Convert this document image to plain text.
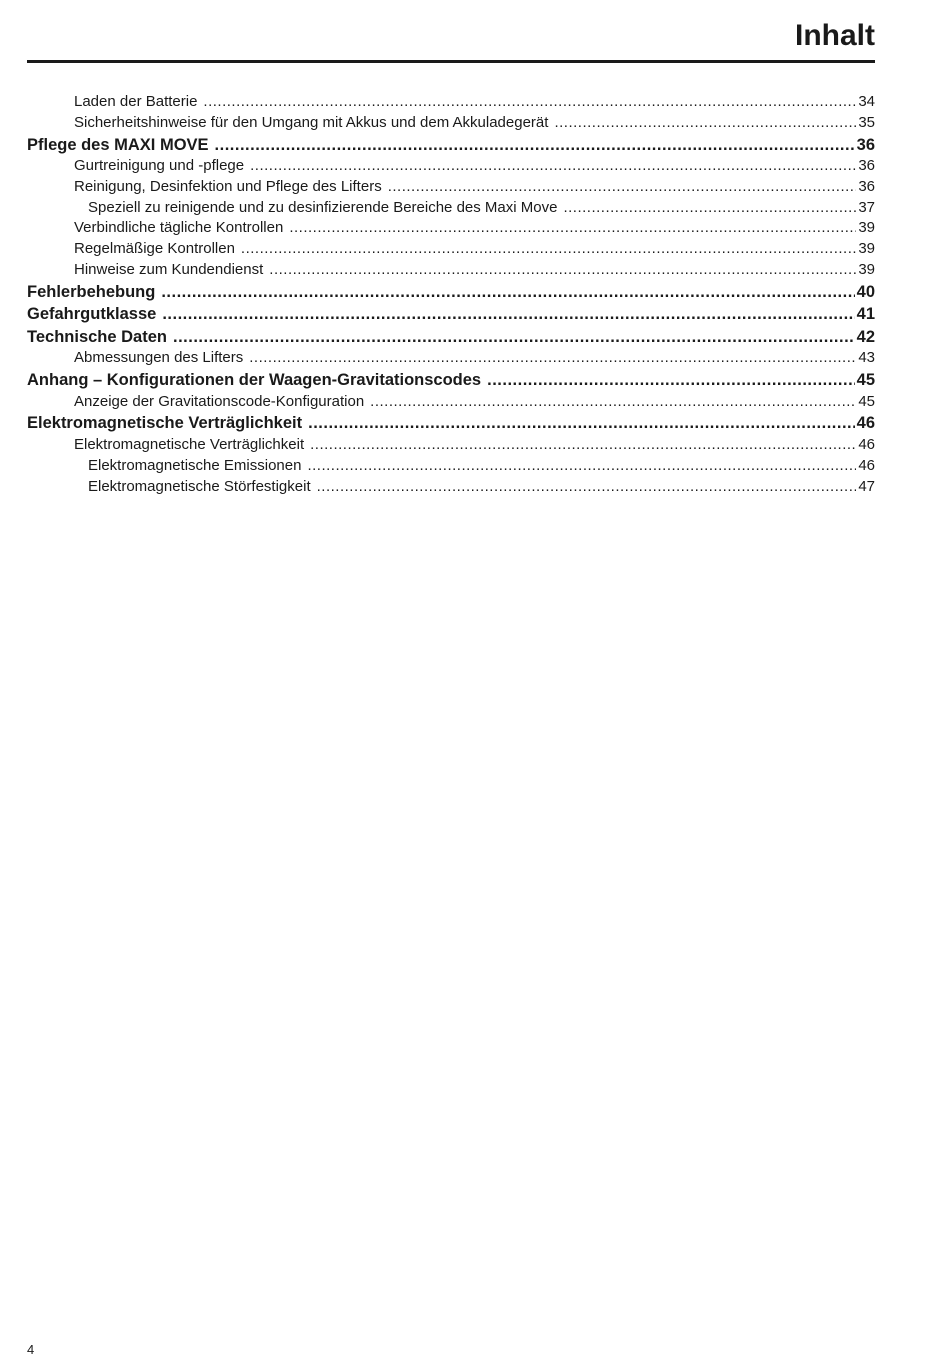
Inhalt
Laden der Batterie .....	34
Sicherheitshinweise für den Umgang mit Akkus und dem Akkuladegerät .....	35
Pflege des MAXI MOVE .....	36
Gurtreinigung und -pflege .....	36
Reinigung, Desinfektion und Pflege des Lifters .....	36
Speziell zu reinigende und zu desinfizierende Bereiche des Maxi Move .....	37
Verbindliche tägliche Kontrollen .....	39
Regelmäßige Kontrollen .....	39
Hinweise zum Kundendienst .....	39
Fehlerbehebung .....	40
Gefahrgutklasse .....	41
Technische Daten .....	42
Abmessungen des Lifters .....	43
Anhang – Konfigurationen der Waagen-Gravitationscodes .....	45
Anzeige der Gravitationscode-Konfiguration .....	45
Elektromagnetische Verträglichkeit .....	46
Elektromagnetische Verträglichkeit .....	46
Elektromagnetische Emissionen .....	46
Elektromagnetische Störfestigkeit .....	47
4
